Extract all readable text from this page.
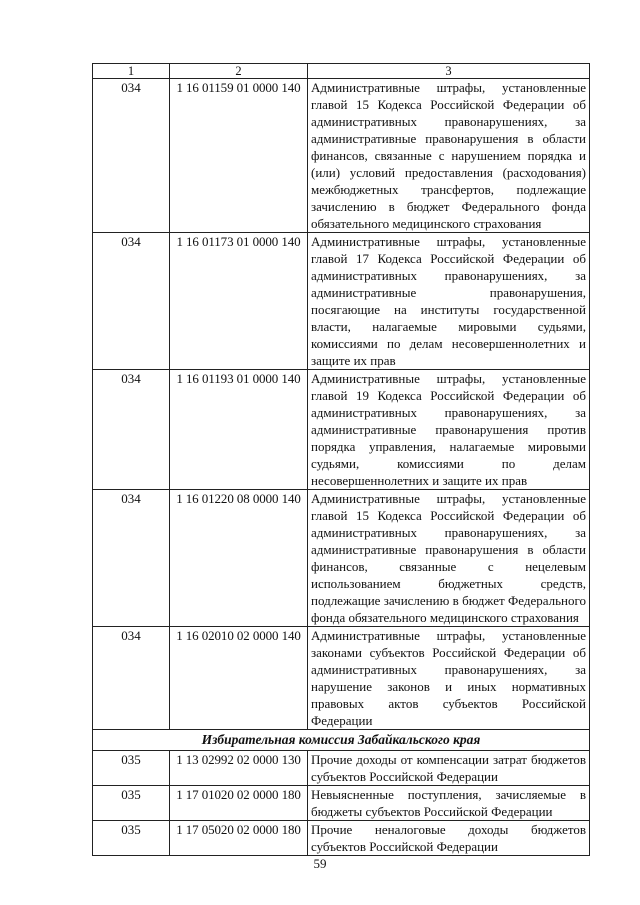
1	2	3
034	1 16 01159 01 0000 140	Административные штрафы, установленные главой 15 Кодекса Российской Федерации об административных правонарушениях, за административные правонарушения в области финансов, связанные с нарушением порядка и (или) условий предоставления (расходования) межбюджетных трансфертов, подлежащие зачислению в бюджет Федерального фонда обязательного медицинского страхования
034	1 16 01173 01 0000 140	Административные штрафы, установленные главой 17 Кодекса Российской Федерации об административных правонарушениях, за административные правонарушения, посягающие на институты государственной власти, налагаемые мировыми судьями, комиссиями по делам несовершеннолетних и защите их прав
034	1 16 01193 01 0000 140	Административные штрафы, установленные главой 19 Кодекса Российской Федерации об административных правонарушениях, за административные правонарушения против порядка управления, налагаемые мировыми судьями, комиссиями по делам несовершеннолетних и защите их прав
034	1 16 01220 08 0000 140	Административные штрафы, установленные главой 15 Кодекса Российской Федерации об административных правонарушениях, за административные правонарушения в области финансов, связанные с нецелевым использованием бюджетных средств, подлежащие зачислению в бюджет Федерального фонда обязательного медицинского страхования
034	1 16 02010 02 0000 140	Административные штрафы, установленные законами субъектов Российской Федерации об административных правонарушениях, за нарушение законов и иных нормативных правовых актов субъектов Российской Федерации
Избирательная комиссия Забайкальского края		
035	1 13 02992 02 0000 130	Прочие доходы от компенсации затрат бюджетов субъектов Российской Федерации
035	1 17 01020 02 0000 180	Невыясненные поступления, зачисляемые в бюджеты субъектов Российской Федерации
035	1 17 05020 02 0000 180	Прочие неналоговые доходы бюджетов субъектов Российской Федерации
59
